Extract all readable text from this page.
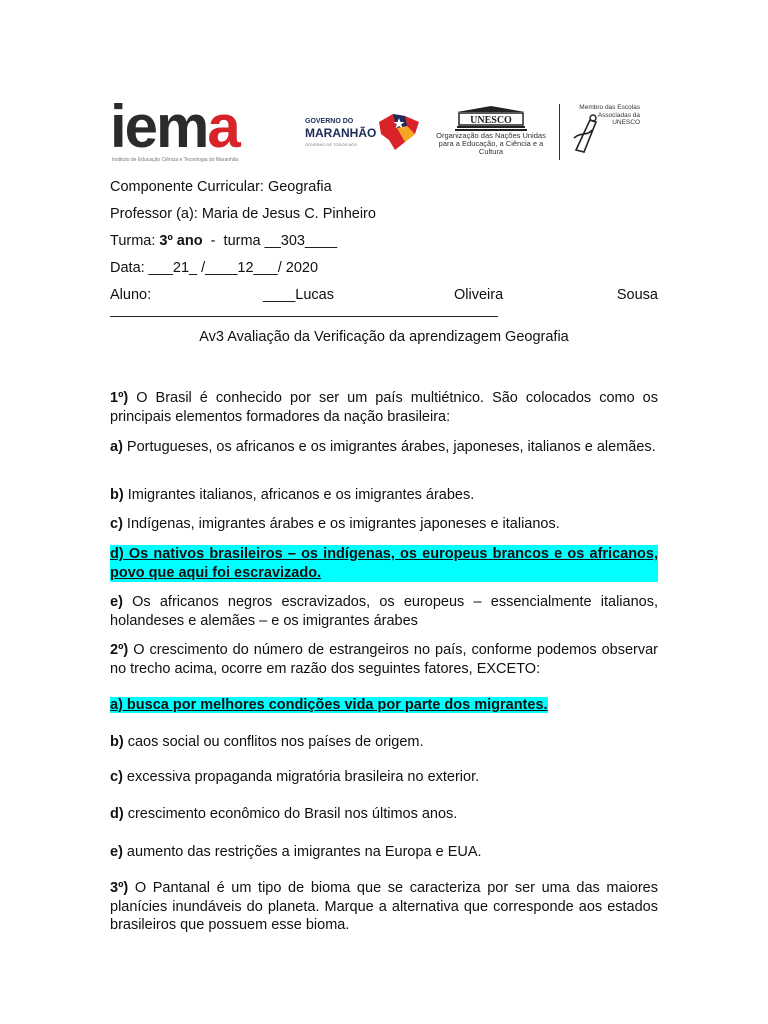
iema
Instituto de Educação Ciência e Tecnologia do Maranhão
GOVERNO DO
MARANHÃO
GOVERNO DE TODOS NÓS
UNESCO
Organização das Nações Unidas para a Educação, a Ciência e a Cultura
Membro das Escolas Associadas da UNESCO
Componente Curricular: Geografia
Professor (a): Maria de Jesus C. Pinheiro
Turma: 3º ano  -  turma __303____
Data: ___21_ /____12___/ 2020
Aluno:	____Lucas	Oliveira	Sousa
Av3 Avaliação da Verificação da aprendizagem Geografia
1º) O Brasil é conhecido por ser um país multiétnico. São colocados como os principais elementos formadores da nação brasileira:
a) Portugueses, os africanos e os imigrantes árabes, japoneses, italianos e alemães.
b) Imigrantes italianos, africanos e os imigrantes árabes.
c) Indígenas, imigrantes árabes e os imigrantes japoneses e italianos.
d) Os nativos brasileiros – os indígenas, os europeus brancos e os africanos, povo que aqui foi escravizado.
e) Os africanos negros escravizados, os europeus – essencialmente italianos, holandeses e alemães – e os imigrantes árabes
2º) O crescimento do número de estrangeiros no país, conforme podemos observar no trecho acima, ocorre em razão dos seguintes fatores, EXCETO:
a) busca por melhores condições vida por parte dos migrantes.
b) caos social ou conflitos nos países de origem.
c) excessiva propaganda migratória brasileira no exterior.
d) crescimento econômico do Brasil nos últimos anos.
e) aumento das restrições a imigrantes na Europa e EUA.
3º) O Pantanal é um tipo de bioma que se caracteriza por ser uma das maiores planícies inundáveis do planeta. Marque a alternativa que corresponde aos estados brasileiros que possuem esse bioma.
